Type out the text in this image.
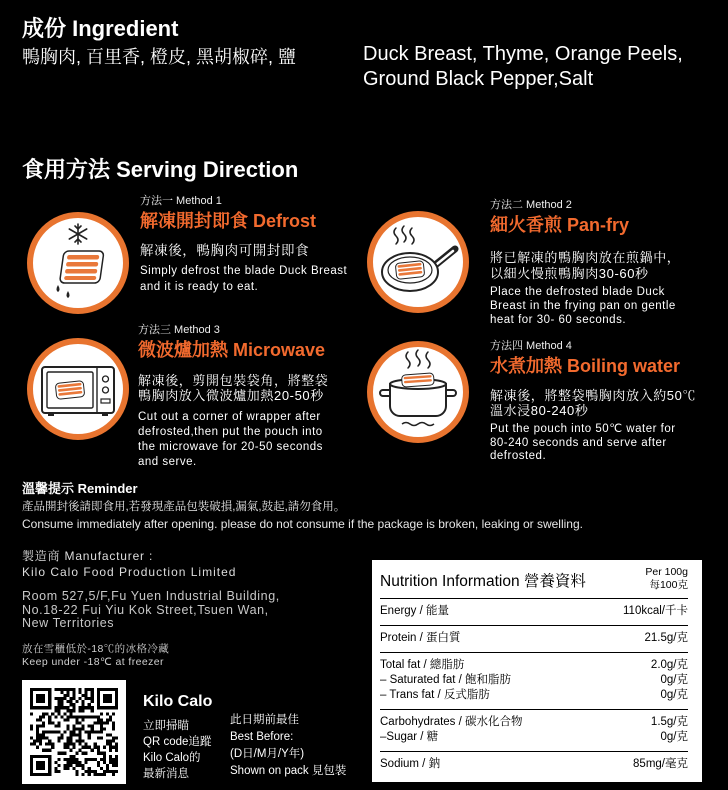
成份 Ingredient
鴨胸肉, 百里香, 橙皮, 黑胡椒碎, 鹽	Duck Breast, Thyme, Orange Peels,
Ground Black Pepper,Salt
食用方法 Serving Direction
方法一 Method 1
解凍開封即食 Defrost
解凍後，鴨胸肉可開封即食
Simply defrost the blade Duck Breast
and it is ready to eat.
方法二 Method 2
細火香煎 Pan-fry
將已解凍的鴨胸肉放在煎鍋中，
以細火慢煎鴨胸肉30-60秒
Place the defrosted blade Duck
Breast in the frying pan on gentle
heat for 30- 60 seconds.
方法三 Method 3
微波爐加熱 Microwave
解凍後，剪開包裝袋角，將整袋
鴨胸肉放入微波爐加熱20-50秒
Cut out a corner of wrapper after
defrosted,then put the pouch into
the microwave for 20-50 seconds
and serve.
方法四 Method 4
水煮加熱 Boiling water
解凍後，將整袋鴨胸肉放入約50℃
溫水浸80-240秒
Put the pouch into 50℃ water for
80-240 seconds and serve after
defrosted.
溫馨提示 Reminder
產品開封後請即食用,若發現產品包裝破損,漏氣,鼓起,請勿食用。
Consume immediately after opening. please do not consume if the package is broken, leaking or swelling.
製造商 Manufacturer :
Kilo Calo Food Production Limited
Room 527,5/F,Fu Yuen Industrial Building,
No.18-22 Fui Yiu Kok Street,Tsuen Wan,
New Territories
放在雪櫃低於-18℃的冰格冷藏
Keep under -18℃ at freezer
Kilo Calo
立即掃瞄
QR code追蹤
Kilo Calo的
最新消息
此日期前最佳
Best Before:
(D日/M月/Y年)
Shown on pack 見包裝
Nutrition Information 營養資料
Per 100g
每100克
Energy / 能量	110kcal/千卡
Protein / 蛋白質	21.5g/克
Total fat / 總脂肪	2.0g/克
– Saturated fat / 飽和脂肪	0g/克
– Trans fat / 反式脂肪	0g/克
Carbohydrates / 碳水化合物	1.5g/克
–Sugar / 糖	0g/克
Sodium / 鈉	85mg/毫克
